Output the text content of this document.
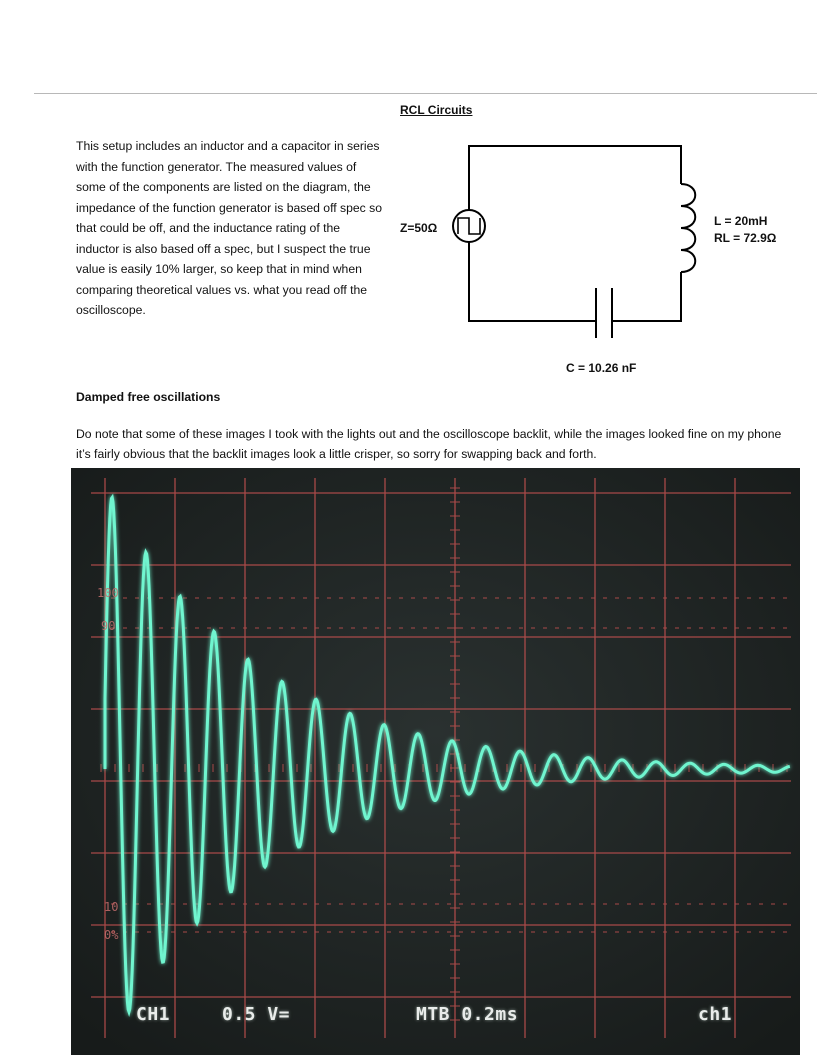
RCL Circuits

This setup includes an inductor and a capacitor in series with the function generator. The measured values of some of the components are listed on the diagram, the impedance of the function generator is based off spec so that could be off, and the inductance rating of the inductor is also based off a spec, but I suspect the true value is easily 10% larger, so keep that in mind when comparing theoretical values vs. what you read off the oscilloscope.

Z=50Ω	L = 20mH
RL = 72.9Ω
C = 10.26 nF

Damped free oscillations

Do note that some of these images I took with the lights out and the oscilloscope backlit, while the images looked fine on my phone it’s fairly obvious that the backlit images look a little crisper, so sorry for swapping back and forth.

100
90
10
0%
CH1	0.5 V=	MTB 0.2ms	ch1
